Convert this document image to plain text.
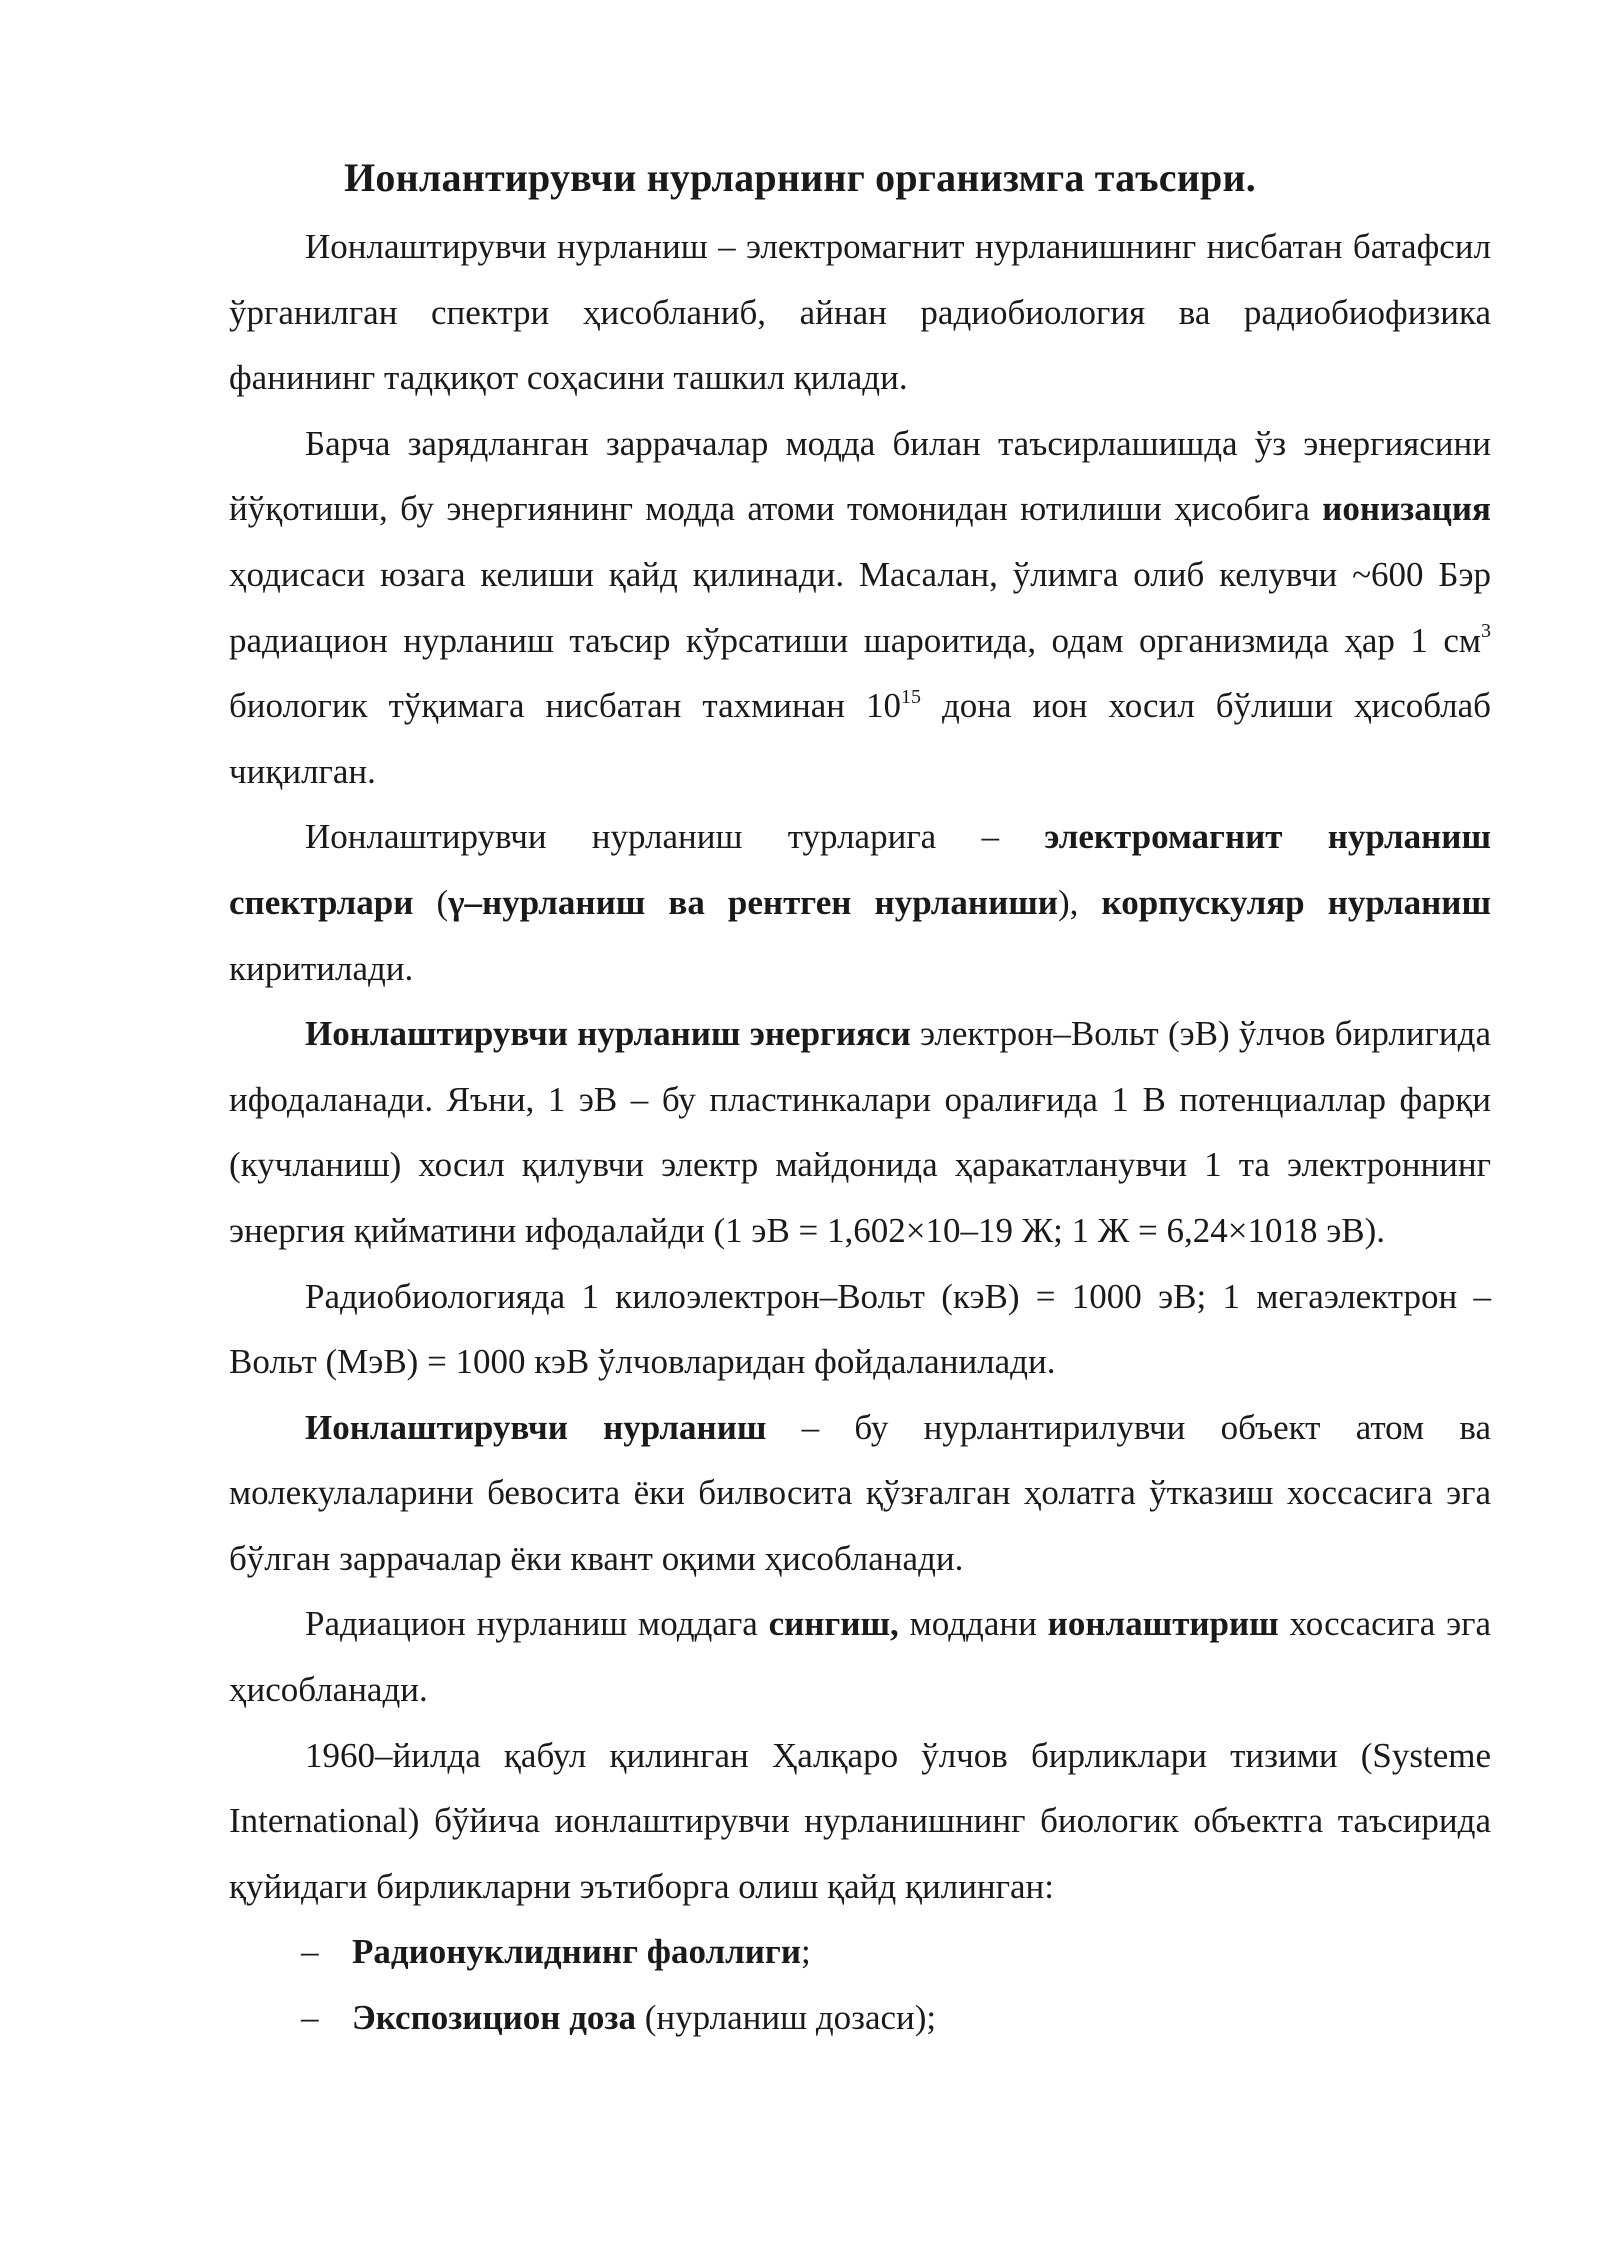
Ионлантирувчи нурларнинг организмга таъсири.

Ионлаштирувчи нурланиш – электромагнит нурланишнинг нисбатан батафсил ўрганилган спектри ҳисобланиб, айнан радиобиология ва радиобиофизика фанининг тадқиқот соҳасини ташкил қилади.

Барча зарядланган заррачалар модда билан таъсирлашишда ўз энергиясини йўқотиши, бу энергиянинг модда атоми томонидан ютилиши ҳисобига ионизация ҳодисаси юзага келиши қайд қилинади. Масалан, ўлимга олиб келувчи ~600 Бэр радиацион нурланиш таъсир кўрсатиши шароитида, одам организмида ҳар 1 $см^3$ биологик тўқимага нисбатан тахминан $10^{15}$ дона ион хосил бўлиши ҳисоблаб чиқилган.

Ионлаштирувчи нурланиш турларига – электромагнит нурланиш спектрлари (γ–нурланиш ва рентген нурланиши), корпускуляр нурланиш киритилади.

Ионлаштирувчи нурланиш энергияси электрон–Вольт (эВ) ўлчов бирлигида ифодаланади. Яъни, 1 эВ – бу пластинкалари оралиғида 1 В потенциаллар фарқи (кучланиш) хосил қилувчи электр майдонида ҳаракатланувчи 1 та электроннинг энергия қийматини ифодалайди (1 эВ = 1,602×10–19 Ж; 1 Ж = 6,24×1018 эВ).

Радиобиологияда 1 килоэлектрон–Вольт (кэВ) = 1000 эВ; 1 мегаэлектрон –Вольт (МэВ) = 1000 кэВ ўлчовларидан фойдаланилади.

Ионлаштирувчи нурланиш – бу нурлантирилувчи объект атом ва молекулаларини бевосита ёки билвосита қўзғалган ҳолатга ўтказиш хоссасига эга бўлган заррачалар ёки квант оқими ҳисобланади.

Радиацион нурланиш моддага сингиш, моддани ионлаштириш хоссасига эга ҳисобланади.

1960–йилда қабул қилинган Ҳалқаро ўлчов бирликлари тизими (Systeme International) бўйича ионлаштирувчи нурланишнинг биологик объектга таъсирида қуйидаги бирликларни эътиборга олиш қайд қилинган:

– Радионуклиднинг фаоллиги;
– Экспозицион доза (нурланиш дозаси);
